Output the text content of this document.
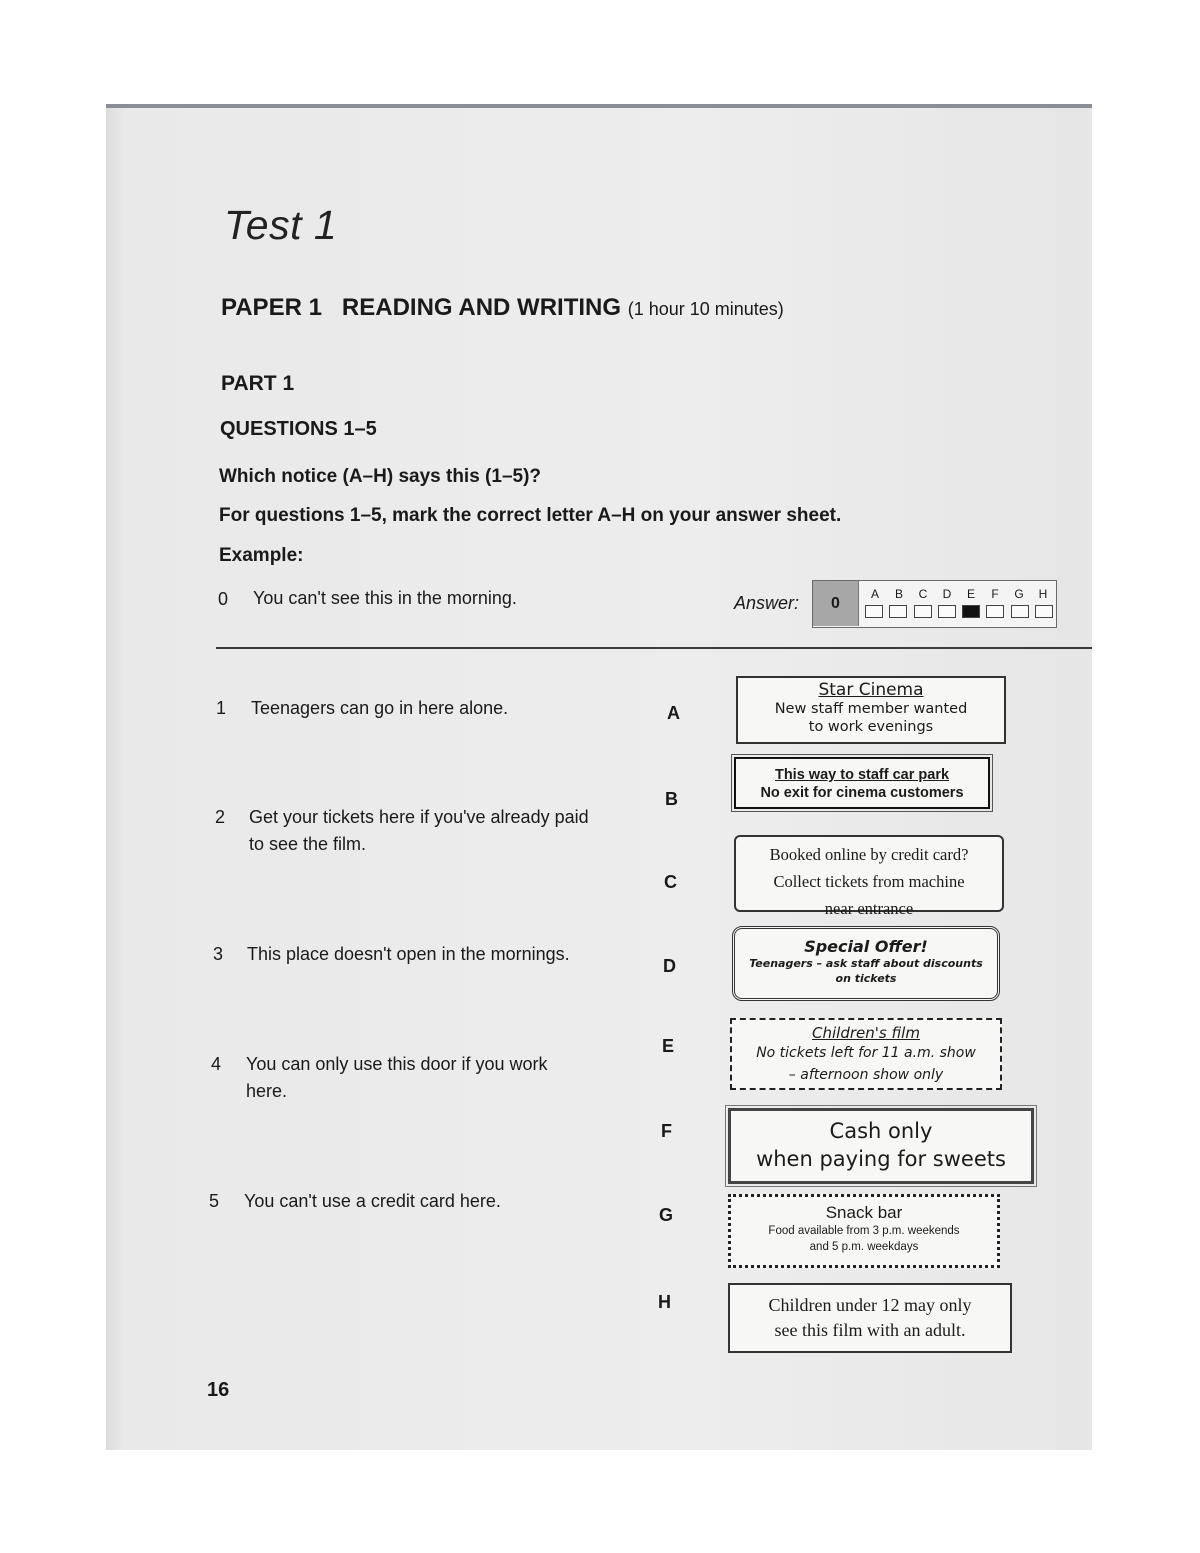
Test 1
PAPER 1   READING AND WRITING (1 hour 10 minutes)
PART 1
QUESTIONS 1–5
Which notice (A–H) says this (1–5)?
For questions 1–5, mark the correct letter A–H on your answer sheet.
Example:
0 You can't see this in the morning.	Answer:	0
A	B	C	D	E	F	G	H
1 Teenagers can go in here alone.
2 Get your tickets here if you've already paid to see the film.
3 This place doesn't open in the mornings.
4 You can only use this door if you work here.
5 You can't use a credit card here.
A
B
C
D
E
F
G
H
Star Cinema
New staff member wanted
to work evenings
This way to staff car park
No exit for cinema customers
Booked online by credit card?
Collect tickets from machine
near entrance
Special Offer!
Teenagers – ask staff about discounts
on tickets
Children's film
No tickets left for 11 a.m. show
– afternoon show only
Cash only
when paying for sweets
Snack bar
Food available from 3 p.m. weekends
and 5 p.m. weekdays
Children under 12 may only
see this film with an adult.
16
